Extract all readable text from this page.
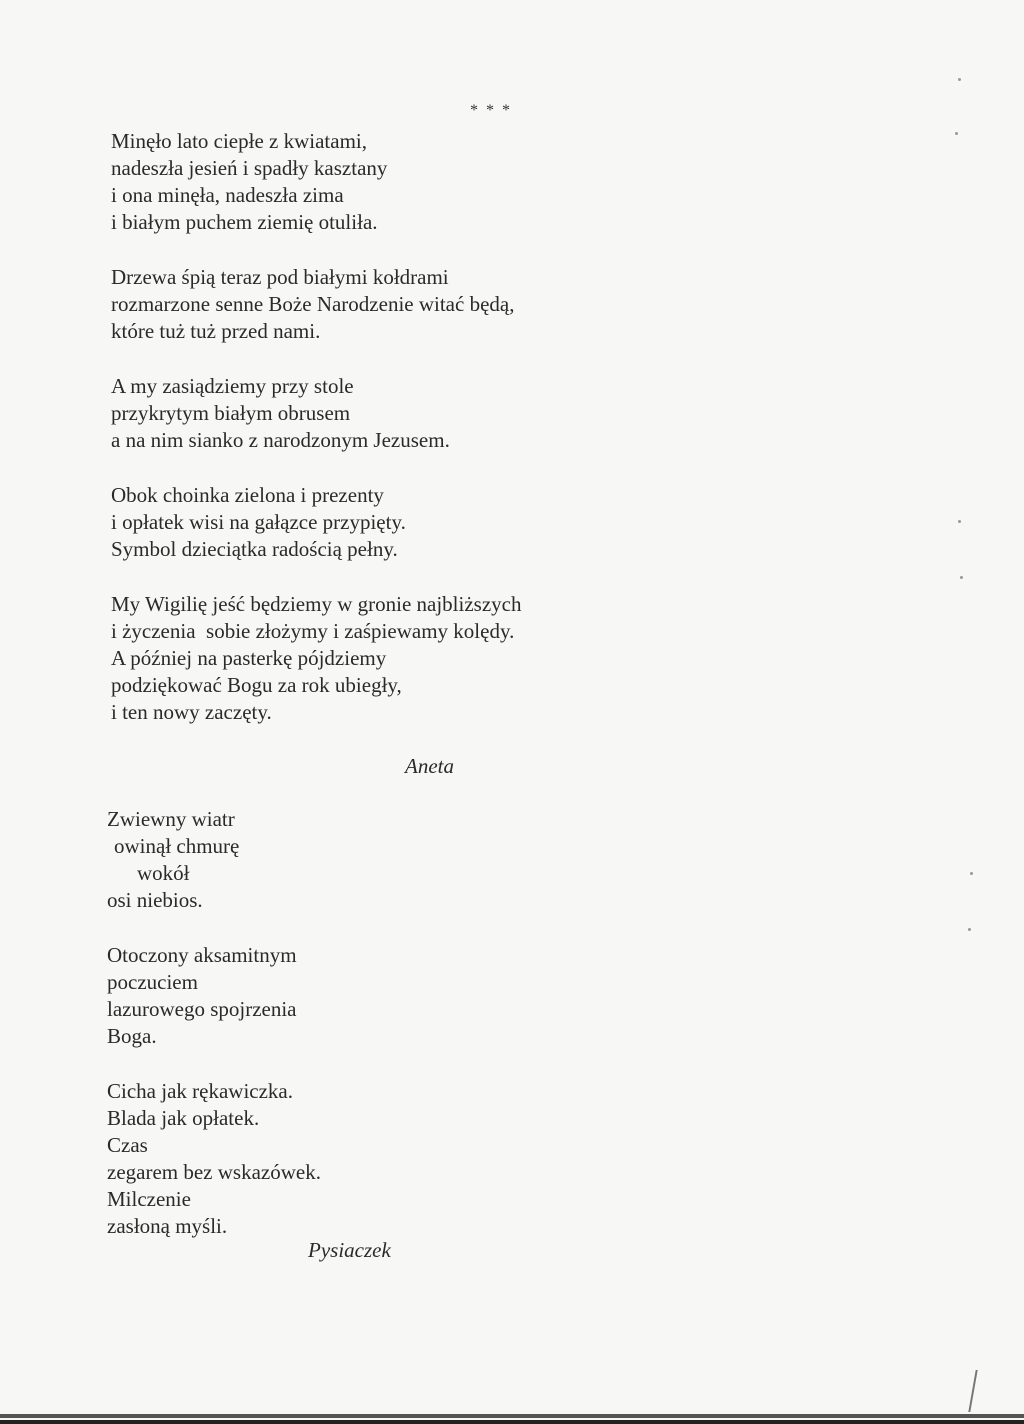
* * *
Minęło lato ciepłe z kwiatami,
nadeszła jesień i spadły kasztany
i ona minęła, nadeszła zima
i białym puchem ziemię otuliła.
Drzewa śpią teraz pod białymi kołdrami
rozmarzone senne Boże Narodzenie witać będą,
które tuż tuż przed nami.
A my zasiądziemy przy stole
przykrytym białym obrusem
a na nim sianko z narodzonym Jezusem.
Obok choinka zielona i prezenty
i opłatek wisi na gałązce przypięty.
Symbol dzieciątka radością pełny.
My Wigilię jeść będziemy w gronie najbliższych
i życzenia  sobie złożymy i zaśpiewamy kolędy.
A później na pasterkę pójdziemy
podziękować Bogu za rok ubiegły,
i ten nowy zaczęty.
Aneta
Zwiewny wiatr
owinął chmurę
wokół
osi niebios.
Otoczony aksamitnym
poczuciem
lazurowego spojrzenia
Boga.
Cicha jak rękawiczka.
Blada jak opłatek.
Czas
zegarem bez wskazówek.
Milczenie
zasłoną myśli.
Pysiaczek
